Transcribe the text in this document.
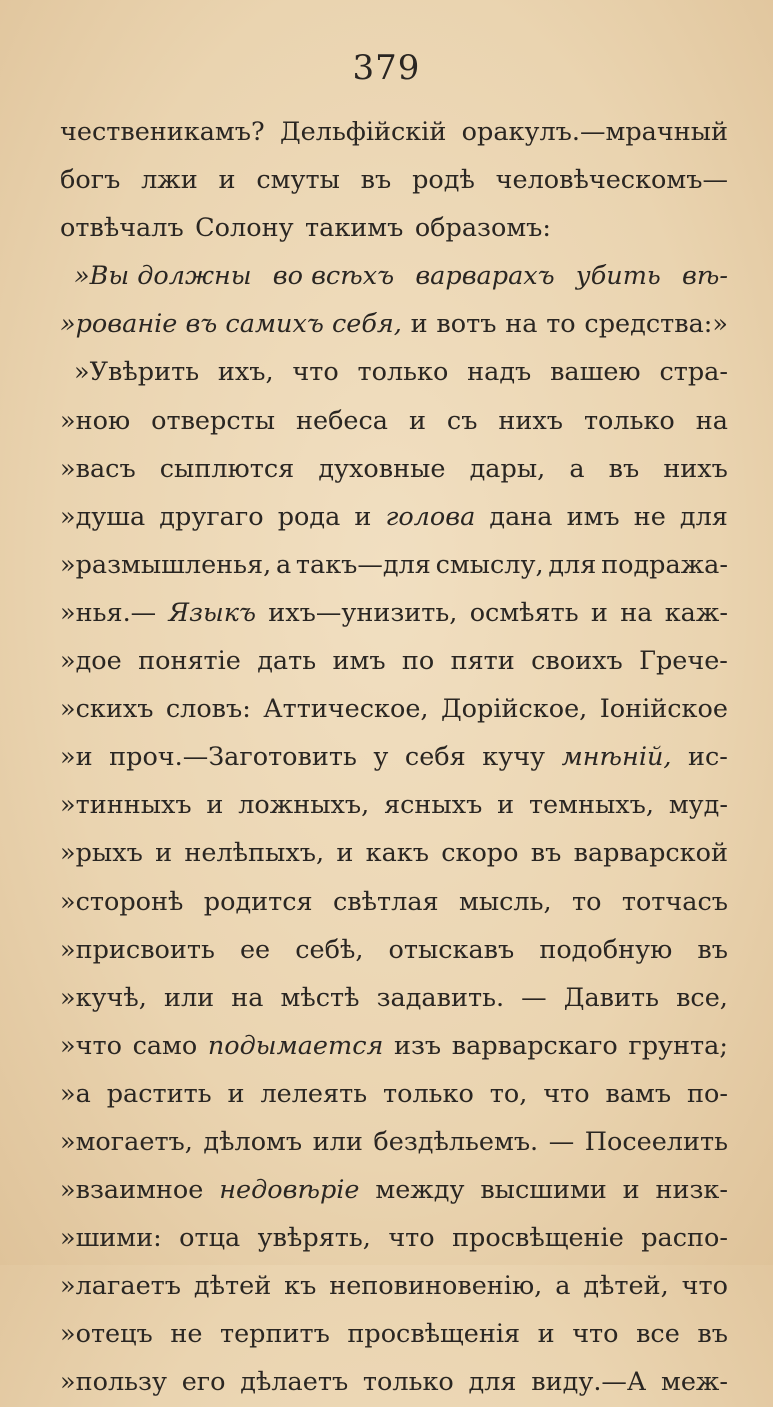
379
чественикамъ? Дельфійскій оракулъ.—мрачный
богъ лжи и смуты въ родѣ человѣческомъ—
отвѣчалъ Солону такимъ образомъ:
»Вы должны во всѣхъ варварахъ убить вѣ-
»рованіе въ самихъ себя, и вотъ на то средства:»
»Увѣрить ихъ, что только надъ вашею стра-
»ною отверсты небеса и съ нихъ только на
»васъ сыплются духовные дары, а въ нихъ
»душа другаго рода и голова дана имъ не для
»размышленья, а такъ—для смыслу, для подража-
»нья.— Языкъ ихъ—унизить, осмѣять и на каж-
»дое понятіе дать имъ по пяти своихъ Грече-
»скихъ словъ: Аттическое, Дорійское, Іонійское
»и проч.—Заготовить у себя кучу мнѣній, ис-
»тинныхъ и ложныхъ, ясныхъ и темныхъ, муд-
»рыхъ и нелѣпыхъ, и какъ скоро въ варварской
»сторонѣ родится свѣтлая мысль, то тотчасъ
»присвоить ее себѣ, отыскавъ подобную въ
»кучѣ, или на мѣстѣ задавить. — Давить все,
»что само подымается изъ варварскаго грунта;
»а растить и лелеять только то, что вамъ по-
»могаетъ, дѣломъ или бездѣльемъ. — Посеелить
»взаимное недовѣріе между высшими и низк-
»шими: отца увѣрять, что просвѣщеніе распо-
»лагаетъ дѣтей къ неповиновенію, а дѣтей, что
»отецъ не терпитъ просвѣщенія и что все въ
»пользу его дѣлаетъ только для виду.—А меж-
